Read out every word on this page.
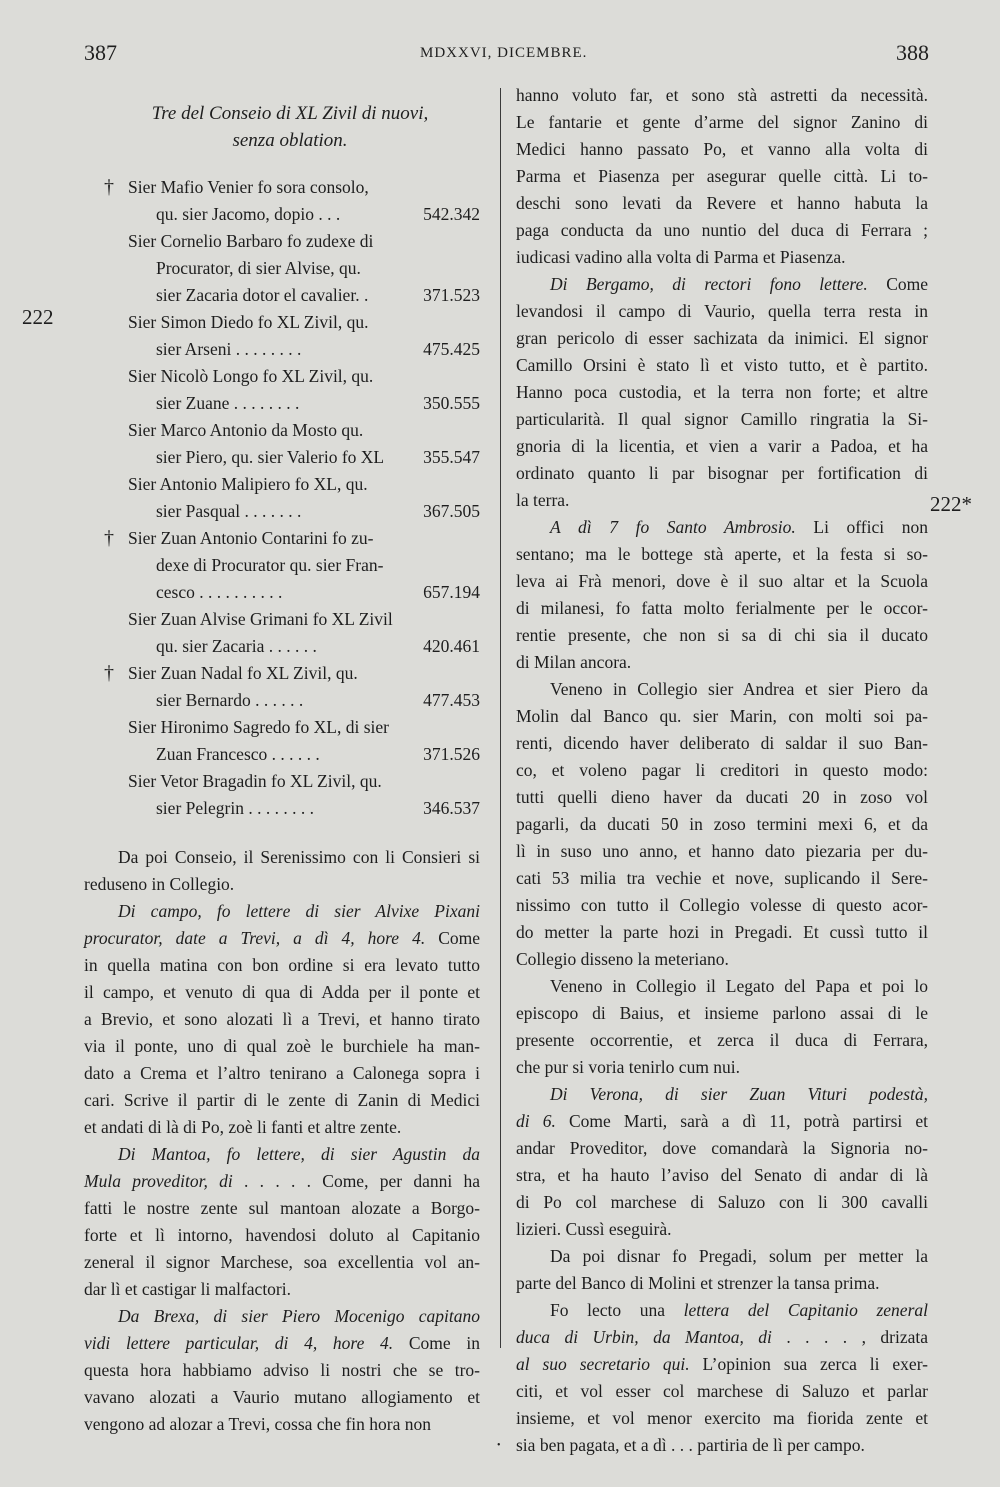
387	MDXXVI, DICEMBRE.	388
222
222*
Tre del Conseio di XL Zivil di nuovi,
senza oblation.
† Sier Mafio Venier fo sora consolo,
qu. sier Jacomo, dopio . . .	542.342
Sier Cornelio Barbaro fo zudexe di
Procurator, di sier Alvise, qu.
sier Zacaria dotor el cavalier. .	371.523
Sier Simon Diedo fo XL Zivil, qu.
sier Arseni . . . . . . . .	475.425
Sier Nicolò Longo fo XL Zivil, qu.
sier Zuane . . . . . . . .	350.555
Sier Marco Antonio da Mosto qu.
sier Piero, qu. sier Valerio fo XL 355.547
Sier Antonio Malipiero fo XL, qu.
sier Pasqual . . . . . . .	367.505
† Sier Zuan Antonio Contarini fo zu-
dexe di Procurator qu. sier Fran-
cesco . . . . . . . . . .	657.194
Sier Zuan Alvise Grimani fo XL Zivil
qu. sier Zacaria . . . . . .	420.461
† Sier Zuan Nadal fo XL Zivil, qu.
sier Bernardo . . . . . .	477.453
Sier Hironimo Sagredo fo XL, di sier
Zuan Francesco . . . . . .	371.526
Sier Vetor Bragadin fo XL Zivil, qu.
sier Pelegrin . . . . . . . .	346.537
Da poi Conseio, il Serenissimo con li Consieri si
reduseno in Collegio.
Di campo, fo letterе di sier Alvixe Pixani
procurator, date a Trevi, a dì 4, hore 4. Come
in quella matina con bon ordine si era levato tutto
il campo, et venuto di qua di Adda per il ponte et
a Brevio, et sono alozati lì a Trevi, et hanno tirato
via il ponte, uno di qual zoè le burchiele ha man-
dato a Crema et l’altro tenirano a Calonega sopra i
cari. Scrive il partir di le zente di Zanin di Medici
et andati di là di Po, zoè li fanti et altre zente.
Di Mantoa, fo lettere, di sier Agustin da
Mula proveditor, di . . . . . Come, per danni ha
fatti le nostre zente sul mantoan alozate a Borgo-
forte et lì intorno, havendosi doluto al Capitanio
zeneral il signor Marchese, soa excellentia vol an-
dar lì et castigar li malfactori.
Da Brexa, di sier Piero Mocenigo capitano
vidi lettere particular, di 4, hore 4. Come in
questa hora habbiamo adviso li nostri che se tro-
vavano alozati a Vaurio mutano allogiamento et
vengono ad alozar a Trevi, cossa che fin hora non
hanno voluto far, et sono stà astretti da necessità.
Le fantarie et gente d’arme del signor Zanino di
Medici hanno passato Po, et vanno alla volta di
Parma et Piasenza per asegurar quelle città. Li to-
deschi sono levati da Revere et hanno habuta la
paga conducta da uno nuntio del duca di Ferrara ;
iudicasi vadino alla volta di Parma et Piasenza.
Di Bergamo, di rectori fono lettere. Come
levandosi il campo di Vaurio, quella terra resta in
gran pericolo di esser sachizata da inimici. El signor
Camillo Orsini è stato lì et visto tutto, et è partito.
Hanno poca custodia, et la terra non forte; et altre
particularità. Il qual signor Camillo ringratia la Si-
gnoria di la licentia, et vien a varir a Padoa, et ha
ordinato quanto li par bisognar per fortification di
la terra.
A dì 7 fo Santo Ambrosio. Li offici non
sentano; ma le bottege stà aperte, et la festa si so-
leva ai Frà menori, dove è il suo altar et la Scuola
di milanesi, fo fatta molto ferialmente per le occor-
rentie presente, che non si sa di chi sia il ducato
di Milan ancora.
Veneno in Collegio sier Andrea et sier Piero da
Molin dal Banco qu. sier Marin, con molti soi pa-
renti, dicendo haver deliberato di saldar il suo Ban-
co, et voleno pagar li creditori in questo modo:
tutti quelli dieno haver da ducati 20 in zoso vol
pagarli, da ducati 50 in zoso termini mexi 6, et da
lì in suso uno anno, et hanno dato piezaria per du-
cati 53 milia tra vechie et nove, suplicando il Sere-
nissimo con tutto il Collegio volesse di questo acor-
do metter la parte hozi in Pregadi. Et cussì tutto il
Collegio disseno la meteriano.
Veneno in Collegio il Legato del Papa et poi lo
episcopo di Baius, et insieme parlono assai di le
presente occorrentie, et zerca il duca di Ferrara,
che pur si voria tenirlo cum nui.
Di Verona, di sier Zuan Vituri podestà,
di 6. Come Marti, sarà a dì 11, potrà partirsi et
andar Proveditor, dove comandarà la Signoria no-
stra, et ha hauto l’aviso del Senato di andar di là
di Po col marchese di Saluzo con li 300 cavalli
lizieri. Cussì eseguirà.
Da poi disnar fo Pregadi, solum per metter la
parte del Banco di Molini et strenzer la tansa prima.
Fo lecto una lettera del Capitanio zeneral
duca di Urbin, da Mantoa, di . . . . , drizata
al suo secretario qui. L’opinion sua zerca li exer-
citi, et vol esser col marchese di Saluzo et parlar
insieme, et vol menor exercito ma fiorida zente et
sia ben pagata, et a dì . . . partiria de lì per campo.
•
